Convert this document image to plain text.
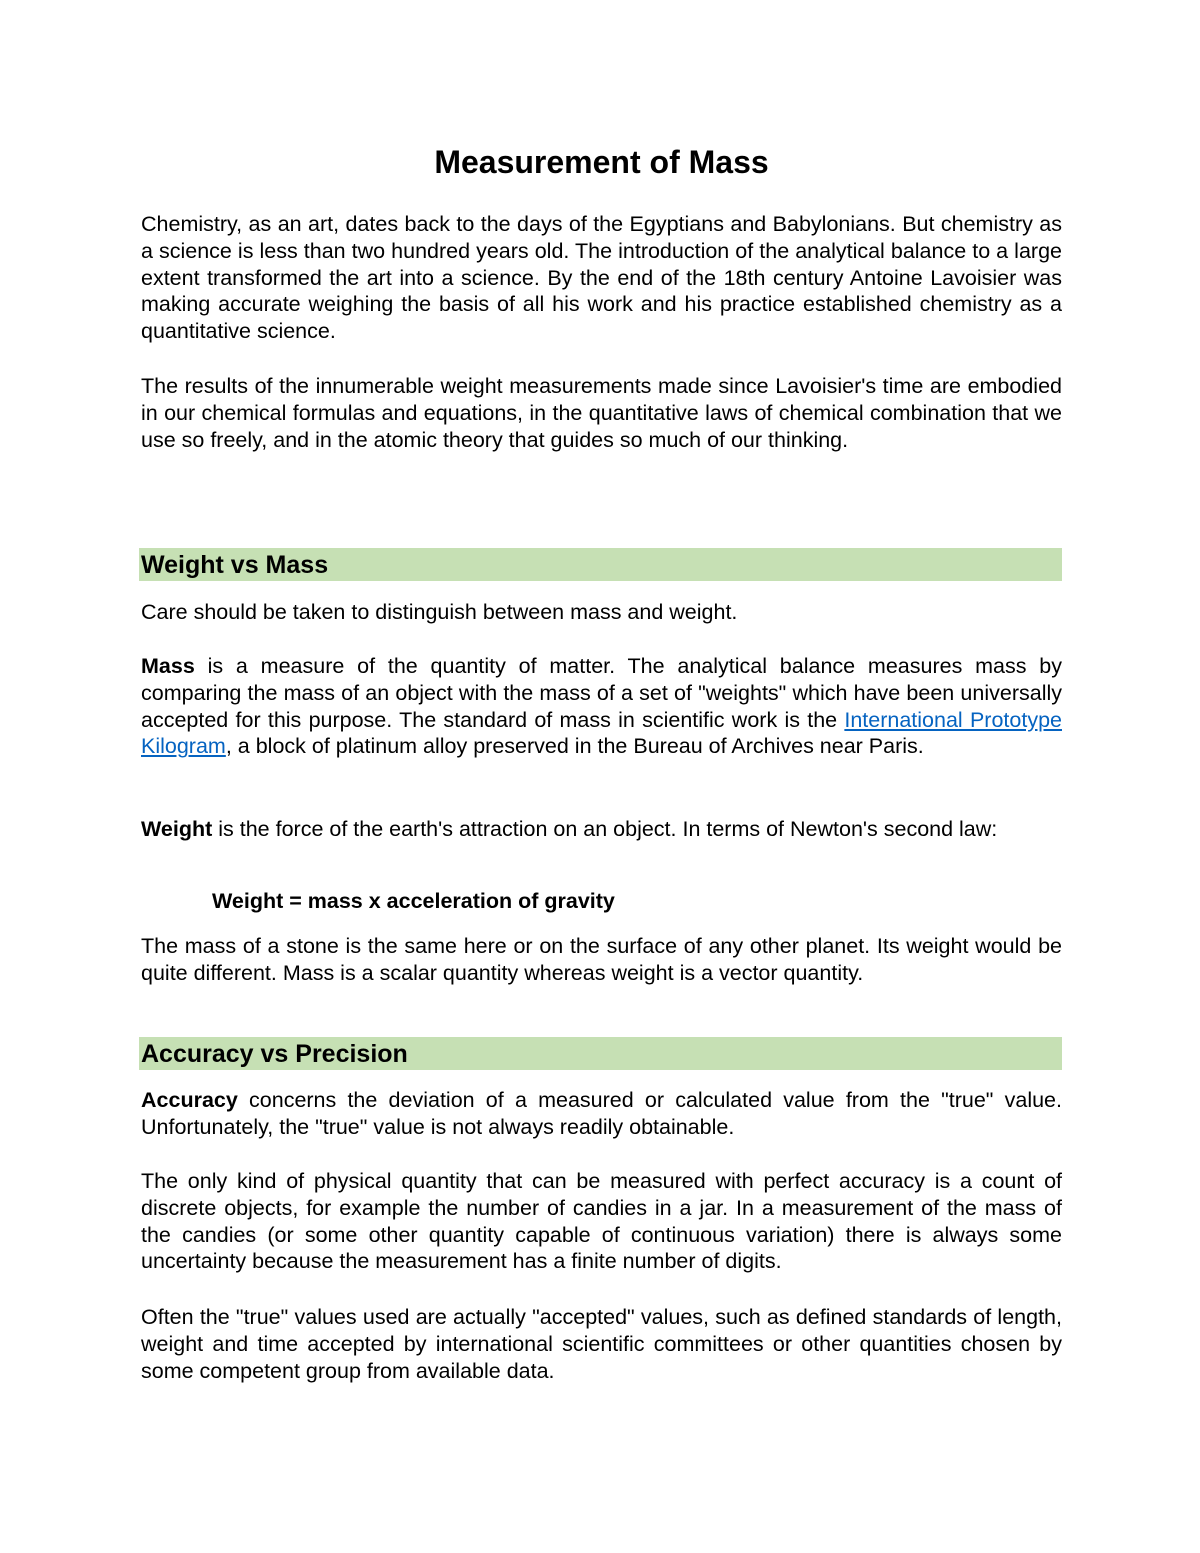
Measurement of Mass

Chemistry, as an art, dates back to the days of the Egyptians and Babylonians. But chemistry as a science is less than two hundred years old. The introduction of the analytical balance to a large extent transformed the art into a science. By the end of the 18th century Antoine Lavoisier was making accurate weighing the basis of all his work and his practice established chemistry as a quantitative science.

The results of the innumerable weight measurements made since Lavoisier's time are embodied in our chemical formulas and equations, in the quantitative laws of chemical combination that we use so freely, and in the atomic theory that guides so much of our thinking.

Weight vs Mass

Care should be taken to distinguish between mass and weight.

Mass is a measure of the quantity of matter. The analytical balance measures mass by comparing the mass of an object with the mass of a set of "weights" which have been universally accepted for this purpose. The standard of mass in scientific work is the International Prototype Kilogram, a block of platinum alloy preserved in the Bureau of Archives near Paris.

Weight is the force of the earth's attraction on an object. In terms of Newton's second law:

Weight = mass x acceleration of gravity

The mass of a stone is the same here or on the surface of any other planet. Its weight would be quite different. Mass is a scalar quantity whereas weight is a vector quantity.

Accuracy vs Precision

Accuracy concerns the deviation of a measured or calculated value from the "true" value. Unfortunately, the "true" value is not always readily obtainable.

The only kind of physical quantity that can be measured with perfect accuracy is a count of discrete objects, for example the number of candies in a jar. In a measurement of the mass of the candies (or some other quantity capable of continuous variation) there is always some uncertainty because the measurement has a finite number of digits.

Often the "true" values used are actually "accepted" values, such as defined standards of length, weight and time accepted by international scientific committees or other quantities chosen by some competent group from available data.
